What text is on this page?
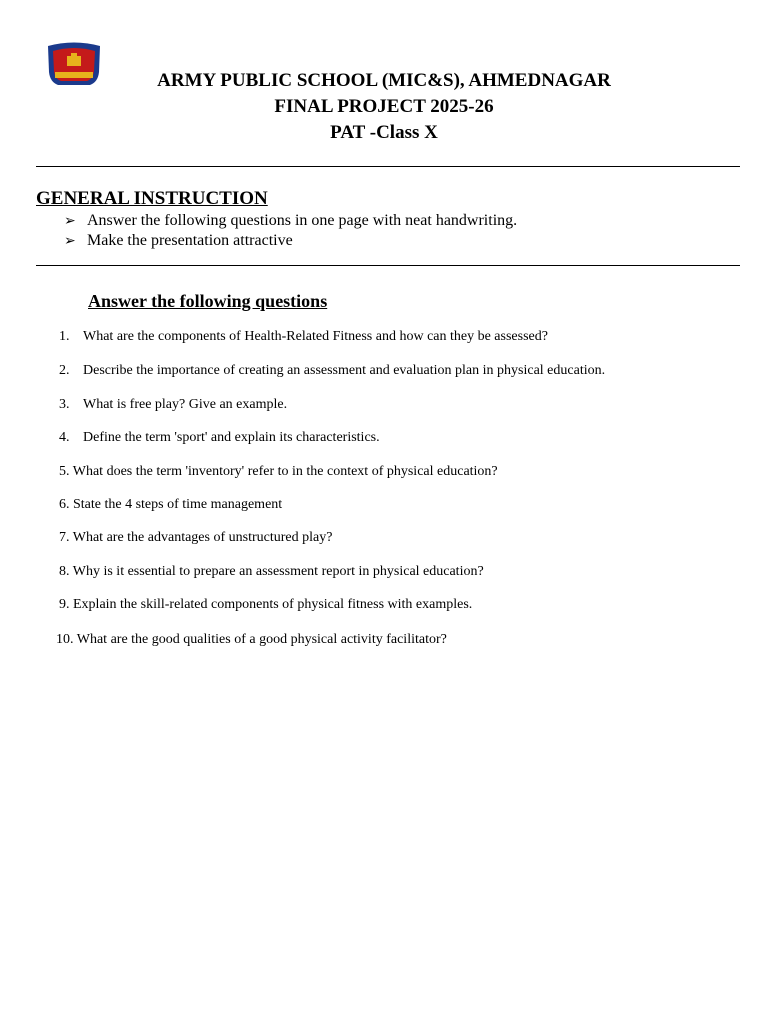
ARMY PUBLIC SCHOOL (MIC&S), AHMEDNAGAR
FINAL PROJECT 2025-26
PAT -Class X
GENERAL INSTRUCTION
➢ Answer the following questions in one page with neat handwriting.
➢ Make the presentation attractive
Answer the following questions
1. What are the components of Health-Related Fitness and how can they be assessed?
2. Describe the importance of creating an assessment and evaluation plan in physical education.
3. What is free play? Give an example.
4. Define the term 'sport' and explain its characteristics.
5. What does the term 'inventory' refer to in the context of physical education?
6. State the 4 steps of time management
7. What are the advantages of unstructured play?
8. Why is it essential to prepare an assessment report in physical education?
9. Explain the skill-related components of physical fitness with examples.
10. What are the good qualities of a good physical activity facilitator?
